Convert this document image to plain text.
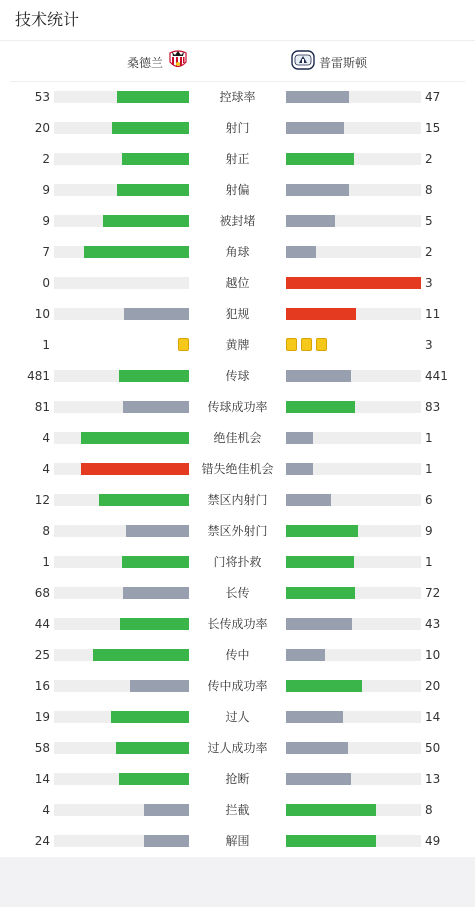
技术统计
桑德兰	普雷斯顿
53	控球率	47
20	射门	15
2	射正	2
9	射偏	8
9	被封堵	5
7	角球	2
0	越位	3
10	犯规	11
1	黄牌	3
481	传球	441
81	传球成功率	83
4	绝佳机会	1
4	错失绝佳机会	1
12	禁区内射门	6
8	禁区外射门	9
1	门将扑救	1
68	长传	72
44	长传成功率	43
25	传中	10
16	传中成功率	20
19	过人	14
58	过人成功率	50
14	抢断	13
4	拦截	8
24	解围	49
